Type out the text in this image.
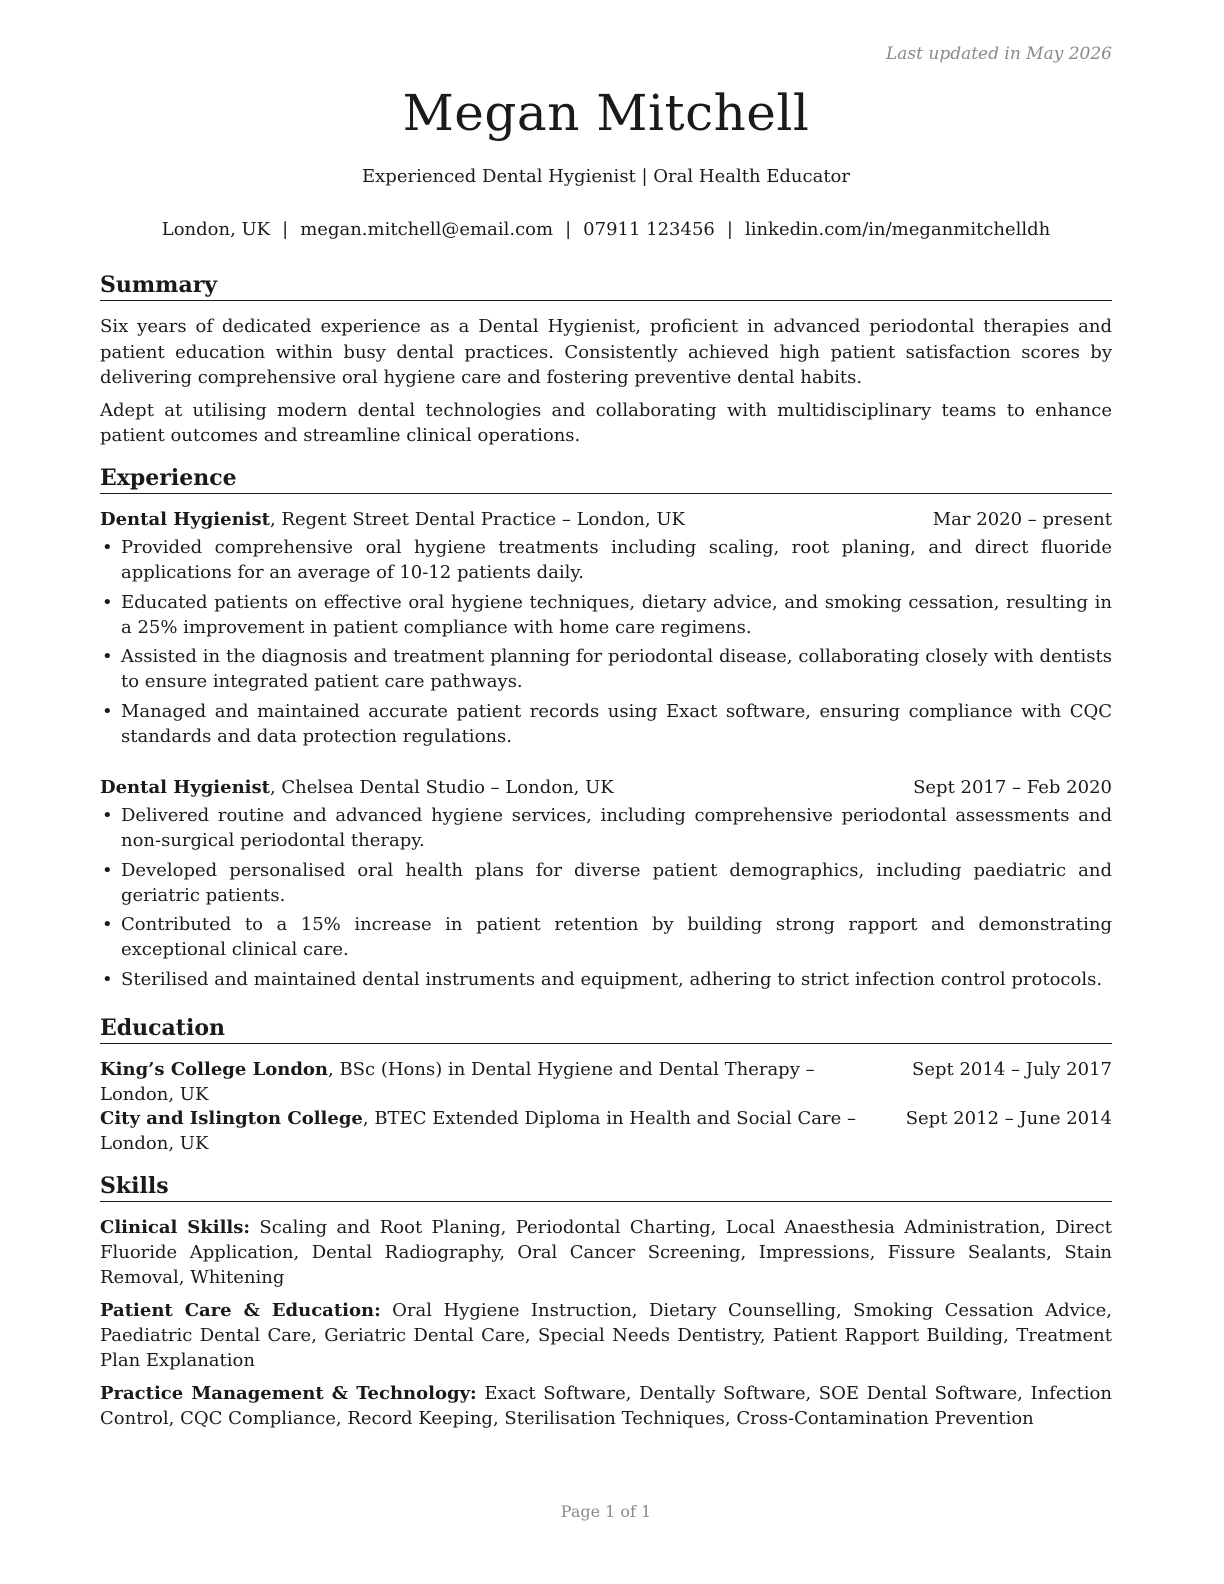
Last updated in May 2026
Megan Mitchell
Experienced Dental Hygienist | Oral Health Educator
London, UK | megan.mitchell@email.com | 07911 123456 | linkedin.com/in/meganmitchelldh
Summary

Six years of dedicated experience as a Dental Hygienist, proficient in advanced periodontal therapies and patient education within busy dental practices. Consistently achieved high patient satisfaction scores by delivering comprehensive oral hygiene care and fostering preventive dental habits.

Adept at utilising modern dental technologies and collaborating with multidisciplinary teams to enhance patient outcomes and streamline clinical operations.

Experience
Dental Hygienist, Regent Street Dental Practice – London, UK	Mar 2020 – present
• Provided comprehensive oral hygiene treatments including scaling, root planing, and direct fluoride applications for an average of 10-12 patients daily.
• Educated patients on effective oral hygiene techniques, dietary advice, and smoking cessation, resulting in a 25% improvement in patient compliance with home care regimens.
• Assisted in the diagnosis and treatment planning for periodontal disease, collaborating closely with dentists to ensure integrated patient care pathways.
• Managed and maintained accurate patient records using Exact software, ensuring compliance with CQC standards and data protection regulations.
Dental Hygienist, Chelsea Dental Studio – London, UK	Sept 2017 – Feb 2020
• Delivered routine and advanced hygiene services, including comprehensive periodontal assessments and non-surgical periodontal therapy.
• Developed personalised oral health plans for diverse patient demographics, including paediatric and geriatric patients.
• Contributed to a 15% increase in patient retention by building strong rapport and demonstrating exceptional clinical care.
• Sterilised and maintained dental instruments and equipment, adhering to strict infection control protocols.
Education
King’s College London, BSc (Hons) in Dental Hygiene and Dental Therapy – London, UK
Sept 2014 – July 2017
City and Islington College, BTEC Extended Diploma in Health and Social Care – London, UK
Sept 2012 – June 2014
Skills

Clinical Skills: Scaling and Root Planing, Periodontal Charting, Local Anaesthesia Administration, Direct Fluoride Application, Dental Radiography, Oral Cancer Screening, Impressions, Fissure Sealants, Stain Removal, Whitening

Patient Care & Education: Oral Hygiene Instruction, Dietary Counselling, Smoking Cessation Advice, Paediatric Dental Care, Geriatric Dental Care, Special Needs Dentistry, Patient Rapport Building, Treatment Plan Explanation

Practice Management & Technology: Exact Software, Dentally Software, SOE Dental Software, Infection Control, CQC Compliance, Record Keeping, Sterilisation Techniques, Cross-Contamination Prevention

Page 1 of 1
